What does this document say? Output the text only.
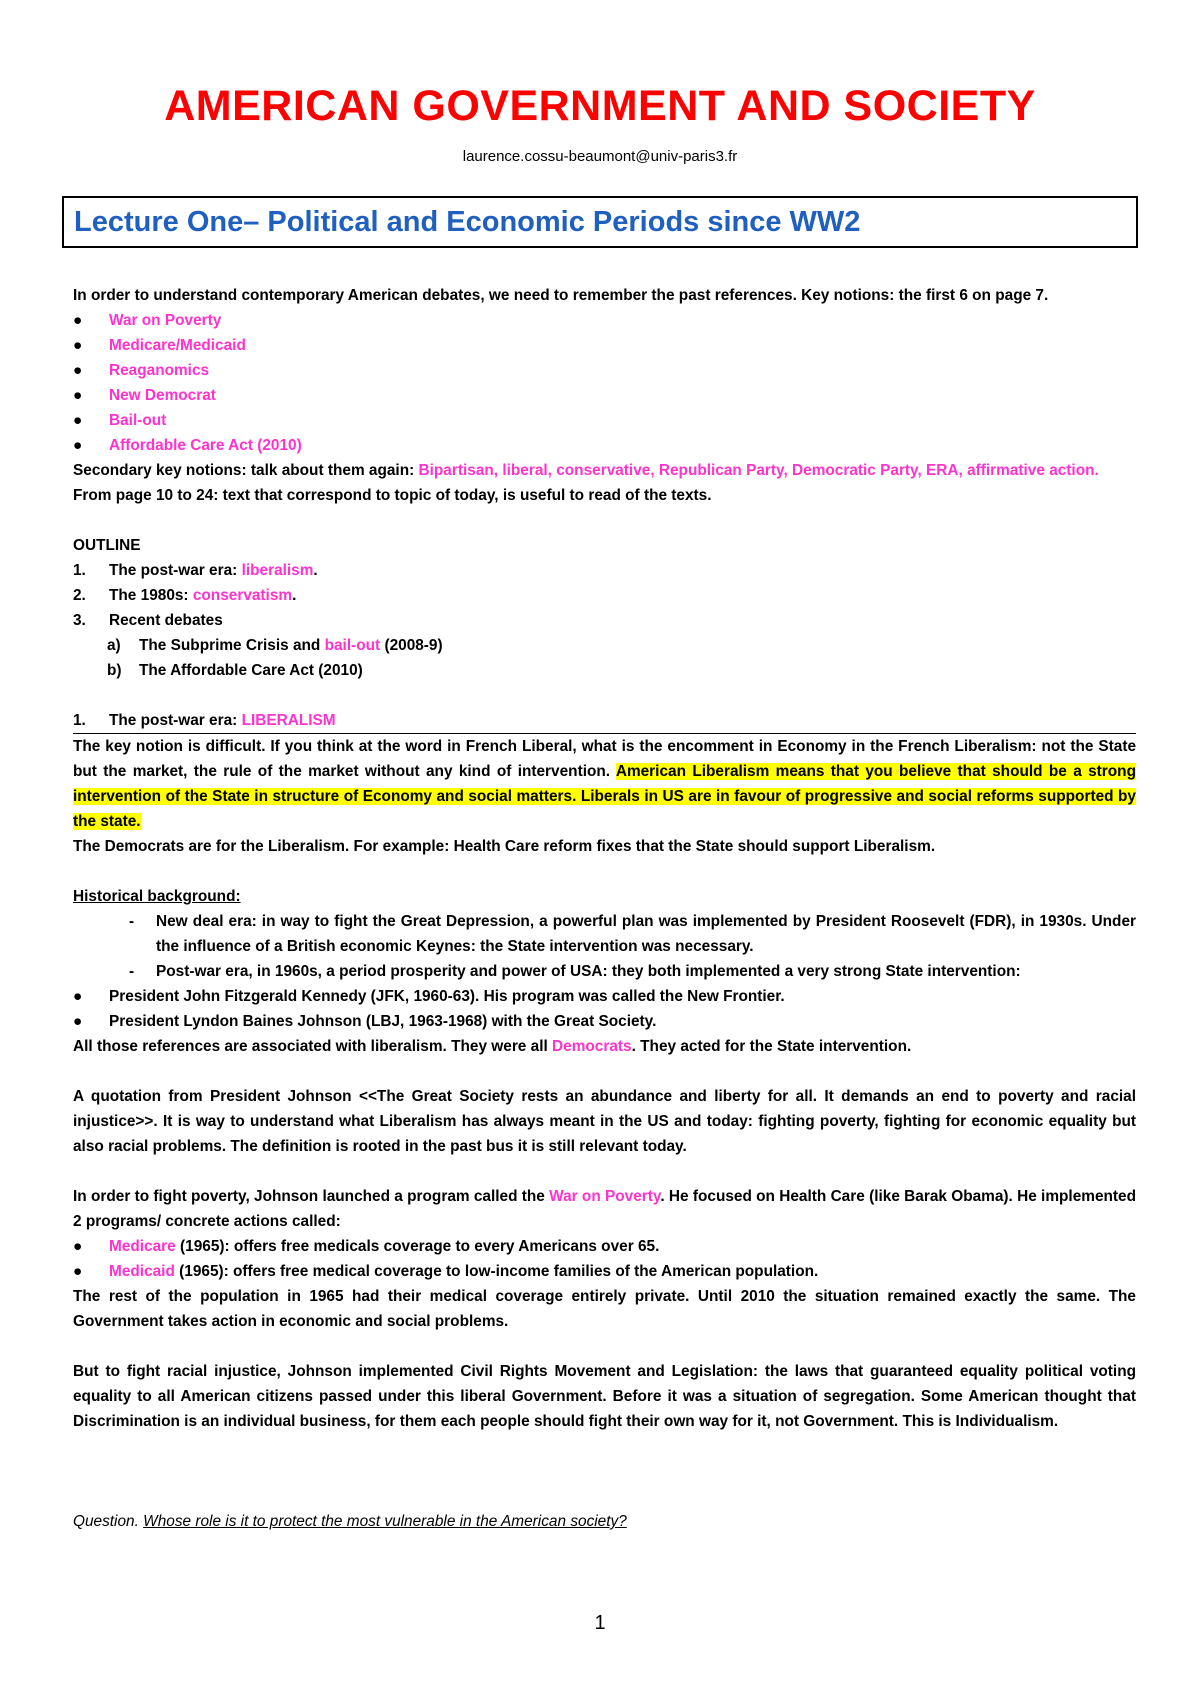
AMERICAN GOVERNMENT AND SOCIETY
laurence.cossu-beaumont@univ-paris3.fr
Lecture One– Political and Economic Periods since WW2

In order to understand contemporary American debates, we need to remember the past references. Key notions: the first 6 on page 7.

● War on Poverty
● Medicare/Medicaid
● Reaganomics
● New Democrat
● Bail-out
● Affordable Care Act (2010)

Secondary key notions: talk about them again: Bipartisan, liberal, conservative, Republican Party, Democratic Party, ERA, affirmative action.

From page 10 to 24: text that correspond to topic of today, is useful to read of the texts.

OUTLINE

1. The post-war era: liberalism.
2. The 1980s: conservatism.
3. Recent debates
a) The Subprime Crisis and bail-out (2008-9)
b) The Affordable Care Act (2010)
1. The post-war era: LIBERALISM

The key notion is difficult. If you think at the word in French Liberal, what is the encomment in Economy in the French Liberalism: not the State but the market, the rule of the market without any kind of intervention. American Liberalism means that you believe that should be a strong intervention of the State in structure of Economy and social matters. Liberals in US are in favour of progressive and social reforms supported by the state.

The Democrats are for the Liberalism. For example: Health Care reform fixes that the State should support Liberalism.

Historical background:

-	New deal era: in way to fight the Great Depression, a powerful plan was implemented by President Roosevelt (FDR), in 1930s. Under the influence of a British economic Keynes: the State intervention was necessary.

-	Post-war era, in 1960s, a period prosperity and power of USA: they both implemented a very strong State intervention:

● President John Fitzgerald Kennedy (JFK, 1960-63). His program was called the New Frontier.
● President Lyndon Baines Johnson (LBJ, 1963-1968) with the Great Society.

All those references are associated with liberalism. They were all Democrats. They acted for the State intervention.

A quotation from President Johnson <<The Great Society rests an abundance and liberty for all. It demands an end to poverty and racial injustice>>. It is way to understand what Liberalism has always meant in the US and today: fighting poverty, fighting for economic equality but also racial problems. The definition is rooted in the past bus it is still relevant today.

In order to fight poverty, Johnson launched a program called the War on Poverty. He focused on Health Care (like Barak Obama). He implemented 2 programs/ concrete actions called:

● Medicare (1965): offers free medicals coverage to every Americans over 65.
● Medicaid (1965): offers free medical coverage to low-income families of the American population.

The rest of the population in 1965 had their medical coverage entirely private. Until 2010 the situation remained exactly the same. The Government takes action in economic and social problems.

But to fight racial injustice, Johnson implemented Civil Rights Movement and Legislation: the laws that guaranteed equality political voting equality to all American citizens passed under this liberal Government. Before it was a situation of segregation. Some American thought that Discrimination is an individual business, for them each people should fight their own way for it, not Government. This is Individualism.

Question. Whose role is it to protect the most vulnerable in the American society?

1
